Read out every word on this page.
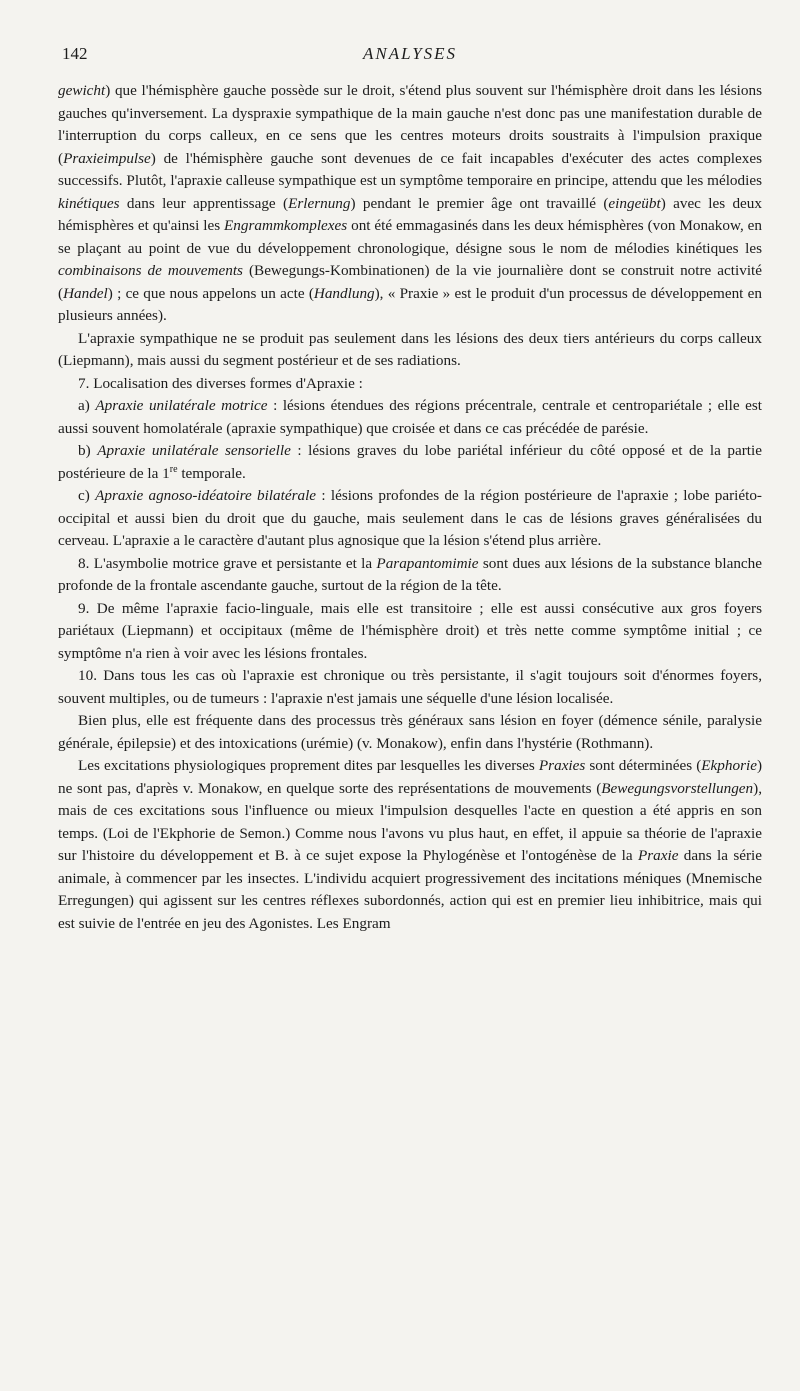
142	ANALYSES

gewicht) que l'hémisphère gauche possède sur le droit, s'étend plus souvent sur l'hémisphère droit dans les lésions gauches qu'inversement. La dyspraxie sympathique de la main gauche n'est donc pas une manifestation durable de l'interruption du corps calleux, en ce sens que les centres moteurs droits soustraits à l'impulsion praxique (Praxieimpulse) de l'hémisphère gauche sont devenues de ce fait incapables d'exécuter des actes complexes successifs. Plutôt, l'apraxie calleuse sympathique est un symptôme temporaire en principe, attendu que les mélodies kinétiques dans leur apprentissage (Erlernung) pendant le premier âge ont travaillé (eingeübt) avec les deux hémisphères et qu'ainsi les Engrammkomplexes ont été emmagasinés dans les deux hémisphères (von Monakow, en se plaçant au point de vue du développement chronologique, désigne sous le nom de mélodies kinétiques les combinaisons de mouvements (Bewegungs-Kombinationen) de la vie journalière dont se construit notre activité (Handel) ; ce que nous appelons un acte (Handlung), « Praxie » est le produit d'un processus de développement en plusieurs années).

L'apraxie sympathique ne se produit pas seulement dans les lésions des deux tiers antérieurs du corps calleux (Liepmann), mais aussi du segment postérieur et de ses radiations.

7. Localisation des diverses formes d'Apraxie :

a) Apraxie unilatérale motrice : lésions étendues des régions précentrale, centrale et centropariétale ; elle est aussi souvent homolatérale (apraxie sympathique) que croisée et dans ce cas précédée de parésie.

b) Apraxie unilatérale sensorielle : lésions graves du lobe pariétal inférieur du côté opposé et de la partie postérieure de la 1re temporale.

c) Apraxie agnoso-idéatoire bilatérale : lésions profondes de la région postérieure de l'apraxie ; lobe pariéto-occipital et aussi bien du droit que du gauche, mais seulement dans le cas de lésions graves généralisées du cerveau. L'apraxie a le caractère d'autant plus agnosique que la lésion s'étend plus arrière.

8. L'asymbolie motrice grave et persistante et la Parapantomimie sont dues aux lésions de la substance blanche profonde de la frontale ascendante gauche, surtout de la région de la tête.

9. De même l'apraxie facio-linguale, mais elle est transitoire ; elle est aussi consécutive aux gros foyers pariétaux (Liepmann) et occipitaux (même de l'hémisphère droit) et très nette comme symptôme initial ; ce symptôme n'a rien à voir avec les lésions frontales.

10. Dans tous les cas où l'apraxie est chronique ou très persistante, il s'agit toujours soit d'énormes foyers, souvent multiples, ou de tumeurs : l'apraxie n'est jamais une séquelle d'une lésion localisée.

Bien plus, elle est fréquente dans des processus très généraux sans lésion en foyer (démence sénile, paralysie générale, épilepsie) et des intoxications (urémie) (v. Monakow), enfin dans l'hystérie (Rothmann).

Les excitations physiologiques proprement dites par lesquelles les diverses Praxies sont déterminées (Ekphorie) ne sont pas, d'après v. Monakow, en quelque sorte des représentations de mouvements (Bewegungsvorstellungen), mais de ces excitations sous l'influence ou mieux l'impulsion desquelles l'acte en question a été appris en son temps. (Loi de l'Ekphorie de Semon.) Comme nous l'avons vu plus haut, en effet, il appuie sa théorie de l'apraxie sur l'histoire du développement et B. à ce sujet expose la Phylogénèse et l'ontogénèse de la Praxie dans la série animale, à commencer par les insectes. L'individu acquiert progressivement des incitations méniques (Mnemische Erregungen) qui agissent sur les centres réflexes subordonnés, action qui est en premier lieu inhibitrice, mais qui est suivie de l'entrée en jeu des Agonistes. Les Engram
